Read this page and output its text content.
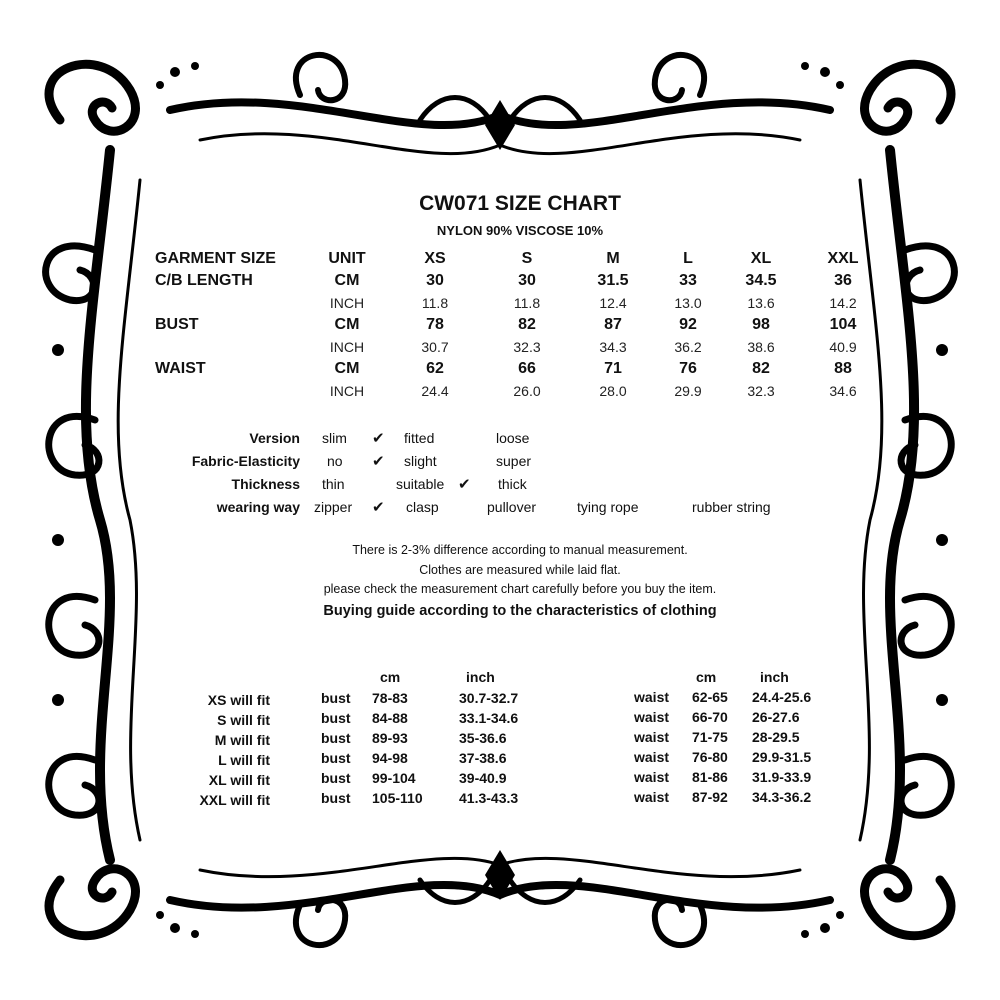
CW071 SIZE CHART
NYLON 90% VISCOSE 10%
GARMENT SIZE	UNIT	XS	S	M	L	XL	XXL
C/B LENGTH	CM	30	30	31.5	33	34.5	36
INCH	11.8	11.8	12.4	13.0	13.6	14.2
BUST	CM	78	82	87	92	98	104
INCH	30.7	32.3	34.3	36.2	38.6	40.9
WAIST	CM	62	66	71	76	82	88
INCH	24.4	26.0	28.0	29.9	32.3	34.6
Version slim ✔ fitted	loose
Fabric-Elasticity no ✔ slight	super
Thickness thin	suitable ✔ thick
wearing way zipper ✔ clasp	pullover	tying rope	rubber string
There is 2-3% difference according to manual measurement.
Clothes are measured while laid flat.
please check the measurement chart carefully before you buy the item.
Buying guide according to the characteristics of clothing
cm	inch	cm	inch
XS will fit	bust 78-83	30.7-32.7	waist 62-65 24.4-25.6
S will fit	bust 84-88	33.1-34.6	waist 66-70 26-27.6
M will fit	bust 89-93	35-36.6	waist 71-75 28-29.5
L will fit	bust 94-98	37-38.6	waist 76-80 29.9-31.5
XL will fit	bust 99-104	39-40.9	waist 81-86 31.9-33.9
XXL will fit	bust 105-110	41.3-43.3	waist 87-92 34.3-36.2
